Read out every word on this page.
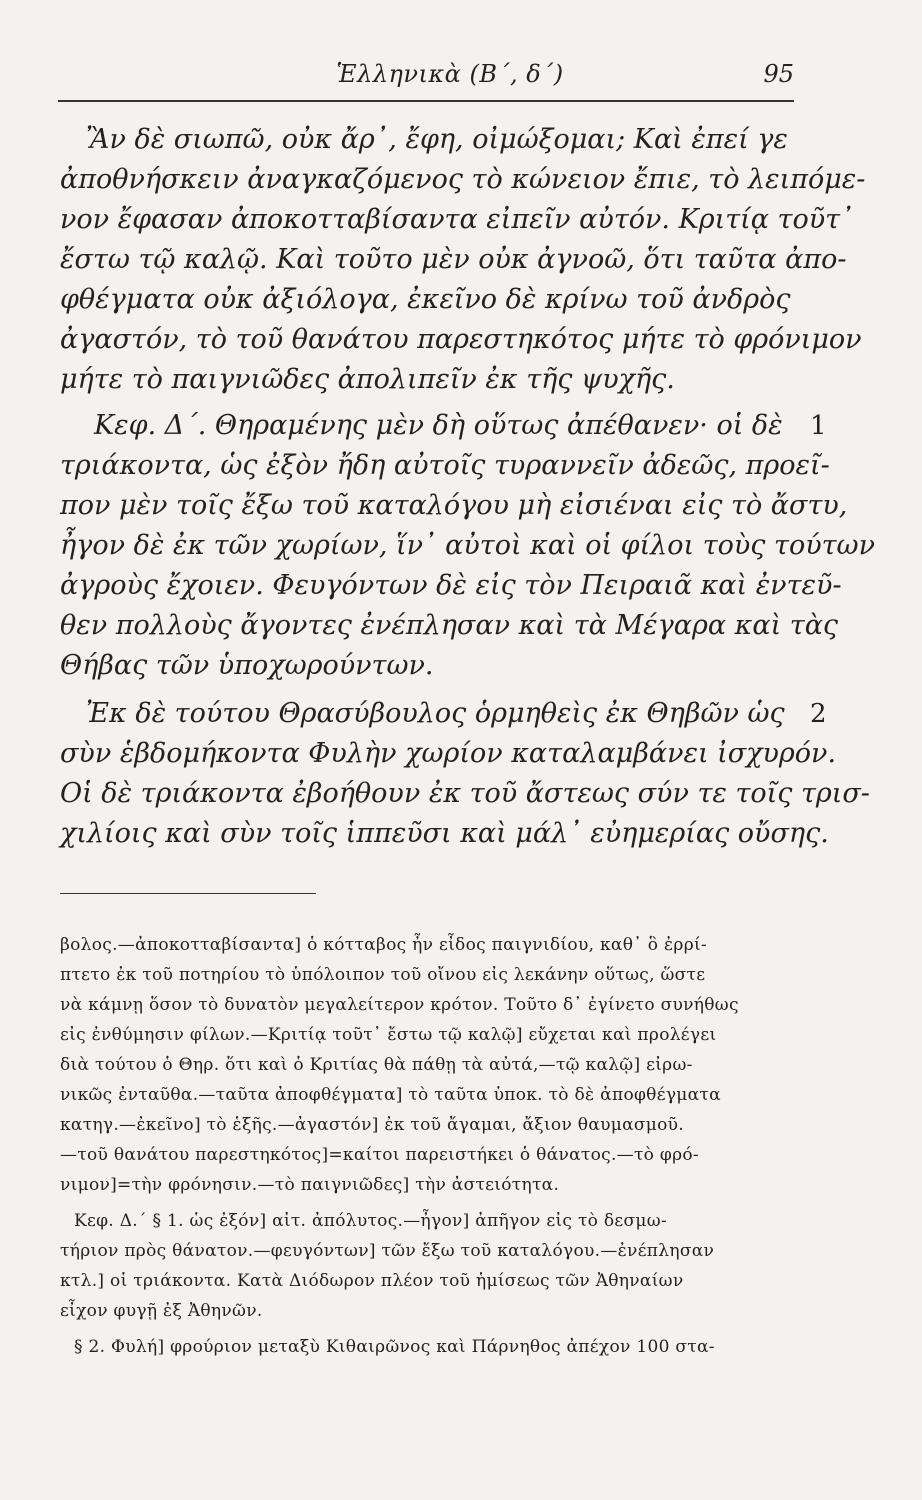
Ἑλληνικὰ (Β΄, δ΄)	95
Ἂν δὲ σιωπῶ, οὐκ ἄρ᾽, ἔφη, οἰμώξομαι; Καὶ ἐπεί γε
ἀποθνήσκειν ἀναγκαζόμενος τὸ κώνειον ἔπιε, τὸ λειπόμε-
νον ἔφασαν ἀποκοτταβίσαντα εἰπεῖν αὐτόν. Κριτίᾳ τοῦτ᾽
ἔστω τῷ καλῷ. Καὶ τοῦτο μὲν οὐκ ἀγνοῶ, ὅτι ταῦτα ἀπο-
φθέγματα οὐκ ἀξιόλογα, ἐκεῖνο δὲ κρίνω τοῦ ἀνδρὸς
ἀγαστόν, τὸ τοῦ θανάτου παρεστηκότος μήτε τὸ φρόνιμον
μήτε τὸ παιγνιῶδες ἀπολιπεῖν ἐκ τῆς ψυχῆς.
Κεφ. Δ΄. Θηραμένης μὲν δὴ οὕτως ἀπέθανεν· οἱ δὲ
τριάκοντα, ὡς ἐξὸν ἤδη αὐτοῖς τυραννεῖν ἀδεῶς, προεῖ-
πον μὲν τοῖς ἔξω τοῦ καταλόγου μὴ εἰσιέναι εἰς τὸ ἄστυ,
ἦγον δὲ ἐκ τῶν χωρίων, ἵν᾽ αὐτοὶ καὶ οἱ φίλοι τοὺς τούτων
ἀγροὺς ἔχοιεν. Φευγόντων δὲ εἰς τὸν Πειραιᾶ καὶ ἐντεῦ-
θεν πολλοὺς ἄγοντες ἐνέπλησαν καὶ τὰ Μέγαρα καὶ τὰς
Θήβας τῶν ὑποχωρούντων.
Ἐκ δὲ τούτου Θρασύβουλος ὁρμηθεὶς ἐκ Θηβῶν ὡς
σὺν ἑβδομήκοντα Φυλὴν χωρίον καταλαμβάνει ἰσχυρόν.
Οἱ δὲ τριάκοντα ἐβοήθουν ἐκ τοῦ ἄστεως σύν τε τοῖς τρισ-
χιλίοις καὶ σὺν τοῖς ἱππεῦσι καὶ μάλ᾽ εὐημερίας οὔσης.
1
2
βολος.—ἀποκοτταβίσαντα] ὁ κότταβος ἦν εἶδος παιγνιδίου, καθ᾽ ὃ ἐρρί-
πτετο ἐκ τοῦ ποτηρίου τὸ ὑπόλοιπον τοῦ οἴνου εἰς λεκάνην οὕτως, ὥστε
νὰ κάμνῃ ὅσον τὸ δυνατὸν μεγαλείτερον κρότον. Τοῦτο δ᾽ ἐγίνετο συνήθως
εἰς ἐνθύμησιν φίλων.—Κριτίᾳ τοῦτ᾽ ἔστω τῷ καλῷ] εὔχεται καὶ προλέγει
διὰ τούτου ὁ Θηρ. ὅτι καὶ ὁ Κριτίας θὰ πάθῃ τὰ αὐτά,—τῷ καλῷ] εἰρω-
νικῶς ἐνταῦθα.—ταῦτα ἀποφθέγματα] τὸ ταῦτα ὑποκ. τὸ δὲ ἀποφθέγματα
κατηγ.—ἐκεῖνο] τὸ ἑξῆς.—ἀγαστόν] ἐκ τοῦ ἄγαμαι, ἄξιον θαυμασμοῦ.
—τοῦ θανάτου παρεστηκότος]=καίτοι παρειστήκει ὁ θάνατος.—τὸ φρό-
νιμον]=τὴν φρόνησιν.—τὸ παιγνιῶδες] τὴν ἀστειότητα.
Κεφ. Δ.΄ § 1. ὡς ἐξόν] αἰτ. ἀπόλυτος.—ἦγον] ἀπῆγον εἰς τὸ δεσμω-
τήριον πρὸς θάνατον.—φευγόντων] τῶν ἔξω τοῦ καταλόγου.—ἐνέπλησαν
κτλ.] οἱ τριάκοντα. Κατὰ Διόδωρον πλέον τοῦ ἡμίσεως τῶν Ἀθηναίων
εἶχον φυγῇ ἐξ Ἀθηνῶν.
§ 2. Φυλή] φρούριον μεταξὺ Κιθαιρῶνος καὶ Πάρνηθος ἀπέχον 100 στα-
